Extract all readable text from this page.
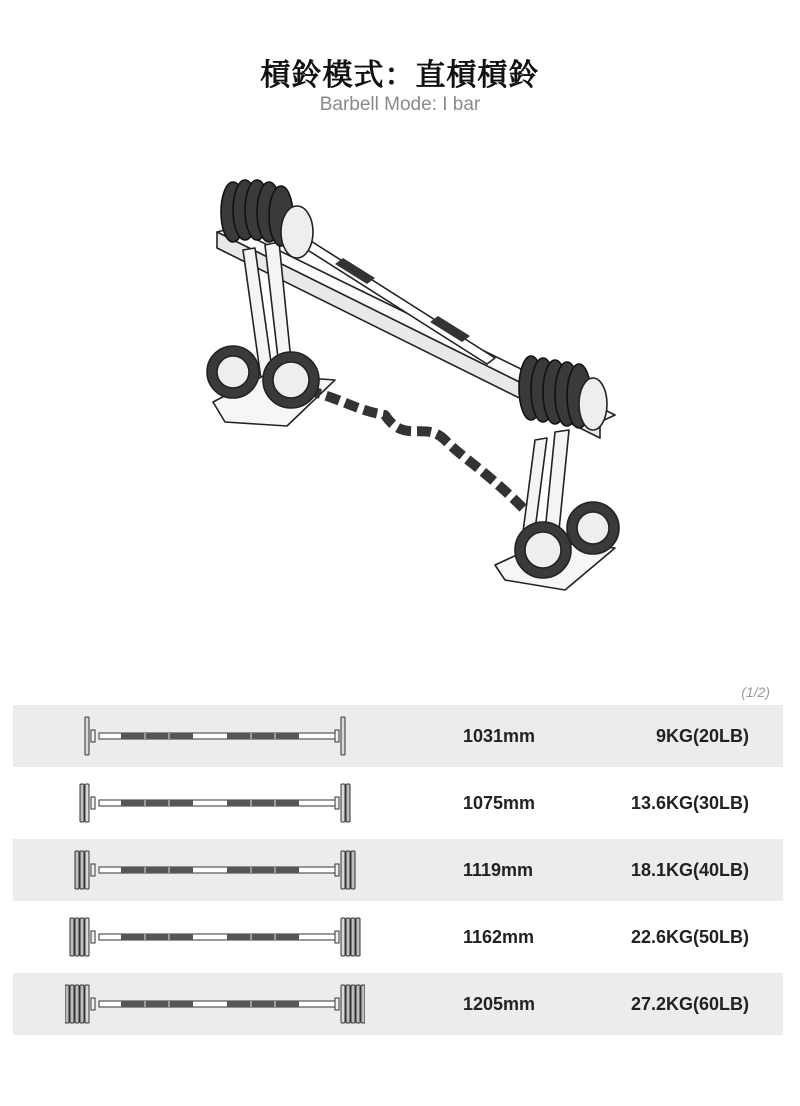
槓鈴模式：直槓槓鈴
Barbell Mode: I bar
(1/2)
1031mm	9KG(20LB)
1075mm	13.6KG(30LB)
1119mm	18.1KG(40LB)
1162mm	22.6KG(50LB)
1205mm	27.2KG(60LB)
